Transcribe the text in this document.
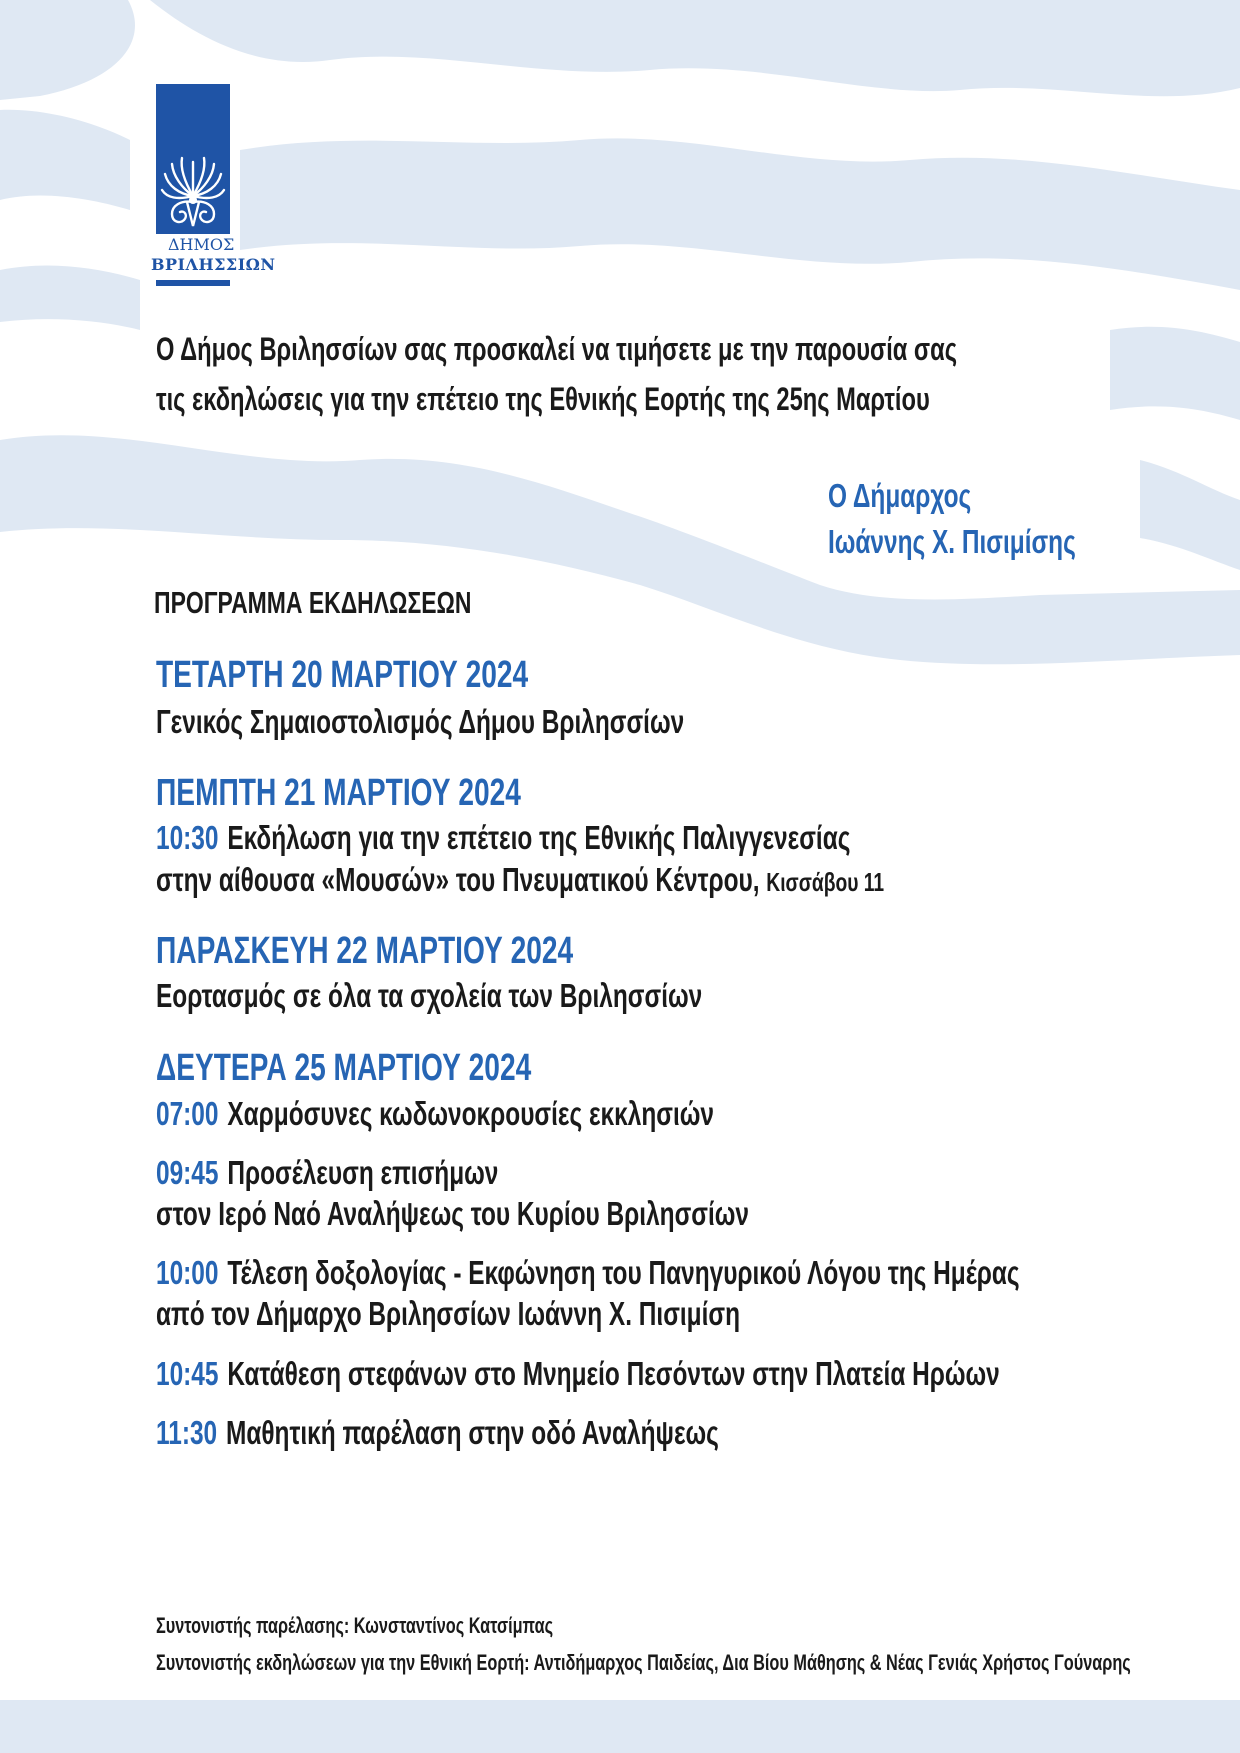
ΔΗΜΟΣ
ΒΡΙΛΗΣΣΙΩΝ
Ο Δήμος Βριλησσίων σας προσκαλεί να τιμήσετε με την παρουσία σας
τις εκδηλώσεις για την επέτειο της Εθνικής Εορτής της 25ης Μαρτίου
Ο Δήμαρχος
Ιωάννης Χ. Πισιμίσης
ΠΡΟΓΡΑΜΜΑ ΕΚΔΗΛΩΣΕΩΝ
ΤΕΤΑΡΤΗ 20 ΜΑΡΤΙΟΥ 2024
Γενικός Σημαιοστολισμός Δήμου Βριλησσίων
ΠΕΜΠΤΗ 21 ΜΑΡΤΙΟΥ 2024
10:30 Εκδήλωση για την επέτειο της Εθνικής Παλιγγενεσίας
στην αίθουσα «Μουσών» του Πνευματικού Κέντρου, Κισσάβου 11
ΠΑΡΑΣΚΕΥΗ 22 ΜΑΡΤΙΟΥ 2024
Εορτασμός σε όλα τα σχολεία των Βριλησσίων
ΔΕΥΤΕΡΑ 25 ΜΑΡΤΙΟΥ 2024
07:00 Χαρμόσυνες κωδωνοκρουσίες εκκλησιών
09:45 Προσέλευση επισήμων
στον Ιερό Ναό Αναλήψεως του Κυρίου Βριλησσίων
10:00 Τέλεση δοξολογίας - Εκφώνηση του Πανηγυρικού Λόγου της Ημέρας
από τον Δήμαρχο Βριλησσίων Ιωάννη Χ. Πισιμίση
10:45 Κατάθεση στεφάνων στο Μνημείο Πεσόντων στην Πλατεία Ηρώων
11:30 Μαθητική παρέλαση στην οδό Αναλήψεως
Συντονιστής παρέλασης: Κωνσταντίνος Κατσίμπας
Συντονιστής εκδηλώσεων για την Εθνική Εορτή: Αντιδήμαρχος Παιδείας, Δια Βίου Μάθησης & Νέας Γενιάς Χρήστος Γούναρης
